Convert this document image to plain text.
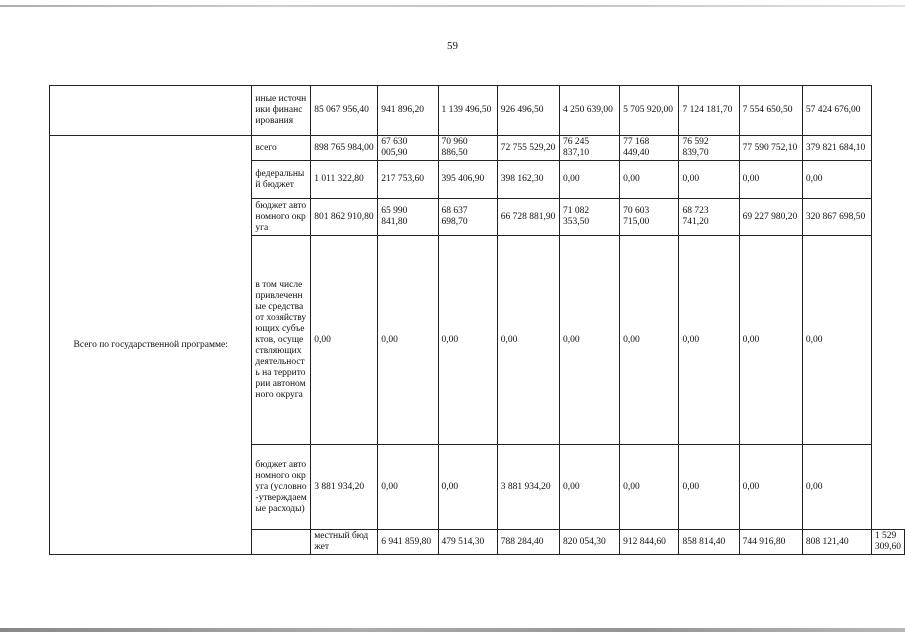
59
	иные источники финансирования	85 067 956,40	941 896,20	1 139 496,50	926 496,50	4 250 639,00	5 705 920,00	7 124 181,70	7 554 650,50	57 424 676,00	
Всего по государственной программе:	всего	898 765 984,00	67 630 005,90	70 960 886,50	72 755 529,20	76 245 837,10	77 168 449,40	76 592 839,70	77 590 752,10	379 821 684,10	
	федеральный бюджет	1 011 322,80	217 753,60	395 406,90	398 162,30	0,00	0,00	0,00	0,00	0,00	
	бюджет автономного округа	801 862 910,80	65 990 841,80	68 637 698,70	66 728 881,90	71 082 353,50	70 603 715,00	68 723 741,20	69 227 980,20	320 867 698,50	
	в том числе привлеченные средства от хозяйствующих субъектов, осуществляющих деятельность на территории автономного округа	0,00	0,00	0,00	0,00	0,00	0,00	0,00	0,00	0,00	
	бюджет автономного округа (условно-утверждаемые расходы)	3 881 934,20	0,00	0,00	3 881 934,20	0,00	0,00	0,00	0,00	0,00	
		местный бюджет	6 941 859,80	479 514,30	788 284,40	820 054,30	912 844,60	858 814,40	744 916,80	808 121,40	1 529 309,60
